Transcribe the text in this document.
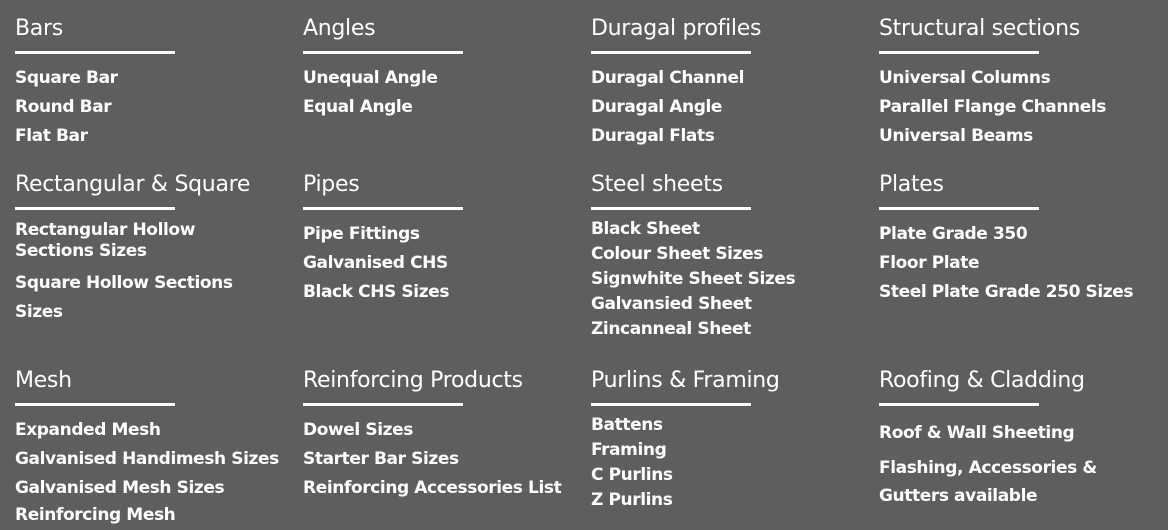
Bars
Square Bar
Round Bar
Flat Bar
Angles
Unequal Angle
Equal Angle
Duragal profiles
Duragal Channel
Duragal Angle
Duragal Flats
Structural sections
Universal Columns
Parallel Flange Channels
Universal Beams
Rectangular & Square
Rectangular Hollow Sections Sizes
Square Hollow Sections Sizes
Pipes
Pipe Fittings
Galvanised CHS
Black CHS Sizes
Steel sheets
Black Sheet
Colour Sheet Sizes
Signwhite Sheet Sizes
Galvansied Sheet
Zincanneal Sheet
Plates
Plate Grade 350
Floor Plate
Steel Plate Grade 250 Sizes
Mesh
Expanded Mesh
Galvanised Handimesh Sizes
Galvanised Mesh Sizes
Reinforcing Mesh
Reinforcing Products
Dowel Sizes
Starter Bar Sizes
Reinforcing Accessories List
Purlins & Framing
Battens
Framing
C Purlins
Z Purlins
Roofing & Cladding
Roof & Wall Sheeting
Flashing, Accessories & Gutters available
